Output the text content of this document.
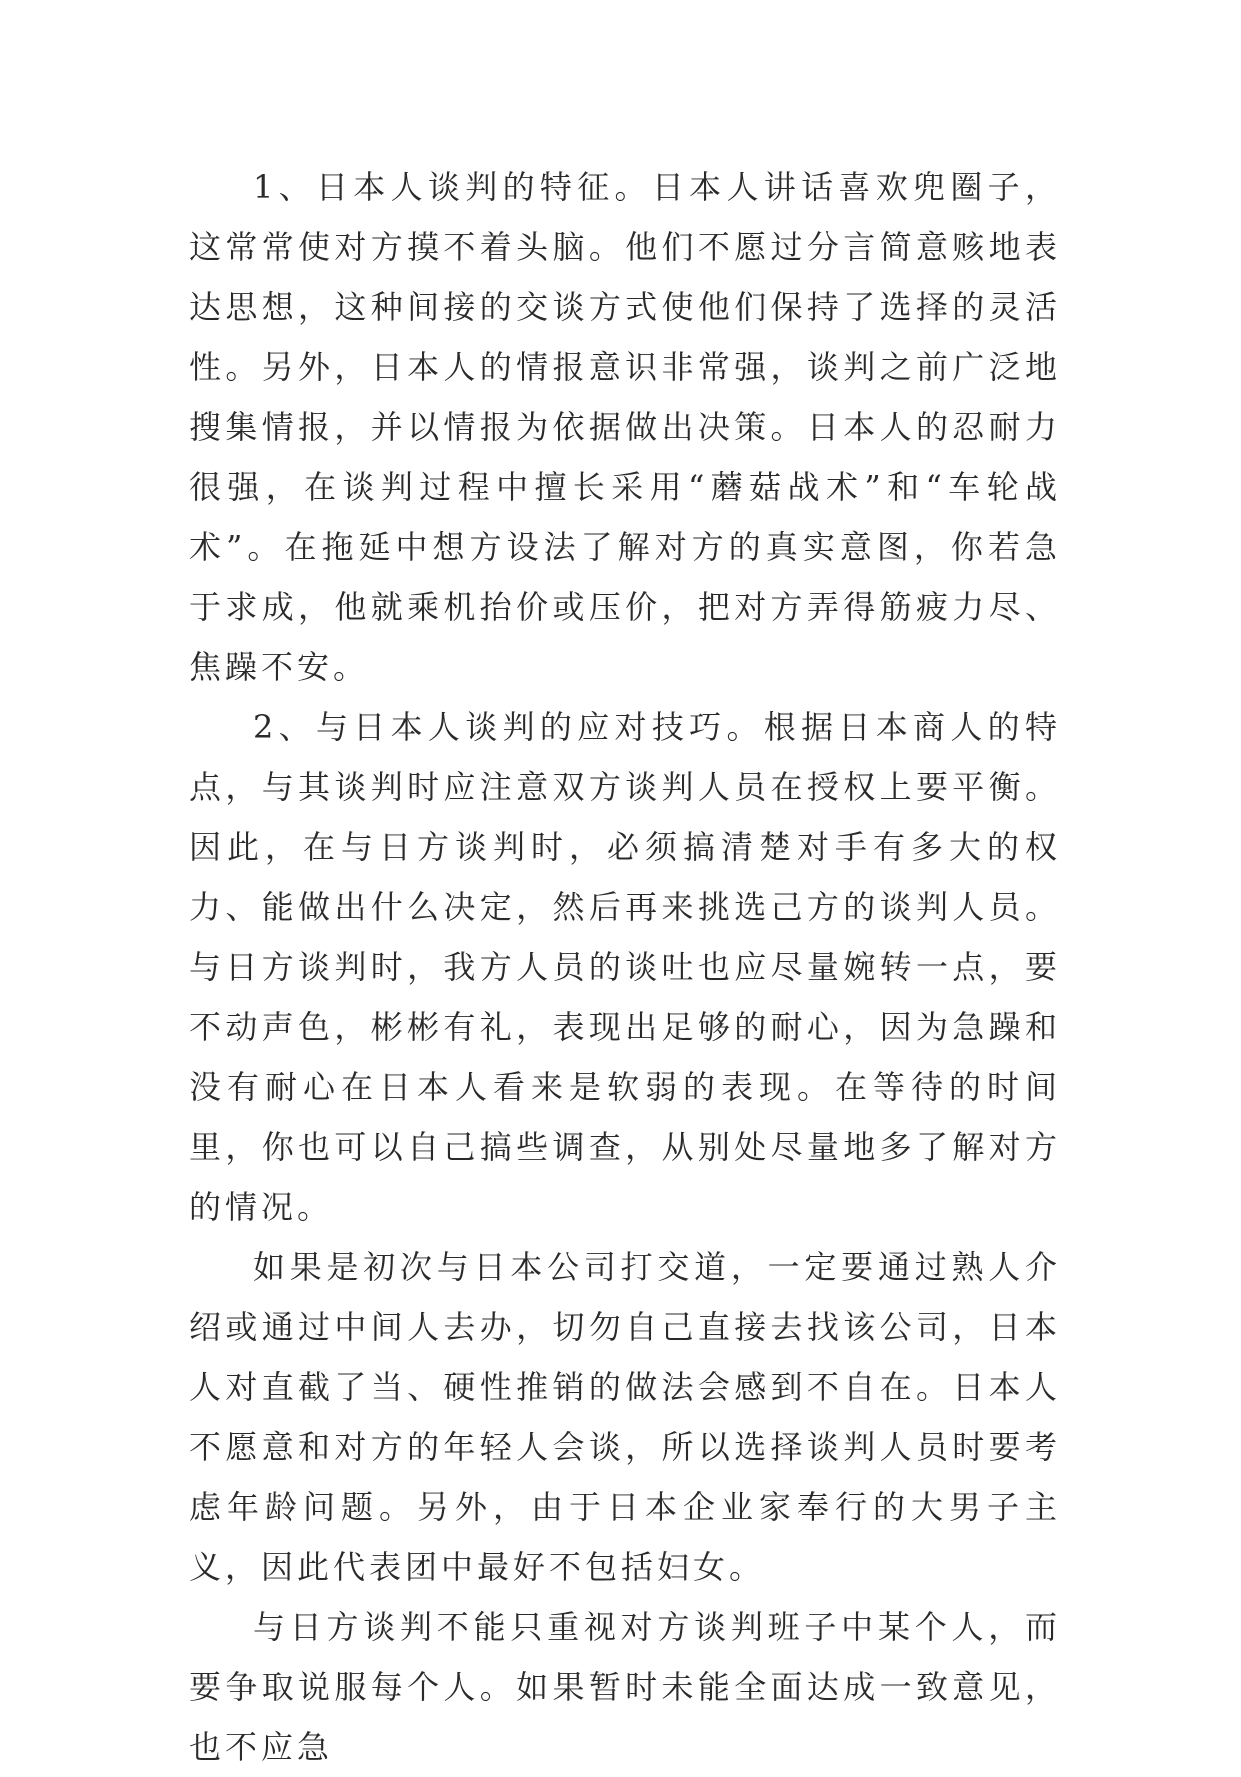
1、日本人谈判的特征。日本人讲话喜欢兜圈子，这常常使对方摸不着头脑。他们不愿过分言简意赅地表达思想，这种间接的交谈方式使他们保持了选择的灵活性。另外，日本人的情报意识非常强，谈判之前广泛地搜集情报，并以情报为依据做出决策。日本人的忍耐力很强，在谈判过程中擅长采用“蘑菇战术”和“车轮战术”。在拖延中想方设法了解对方的真实意图，你若急于求成，他就乘机抬价或压价，把对方弄得筋疲力尽、焦躁不安。

2、与日本人谈判的应对技巧。根据日本商人的特点，与其谈判时应注意双方谈判人员在授权上要平衡。因此，在与日方谈判时，必须搞清楚对手有多大的权力、能做出什么决定，然后再来挑选己方的谈判人员。与日方谈判时，我方人员的谈吐也应尽量婉转一点，要不动声色，彬彬有礼，表现出足够的耐心，因为急躁和没有耐心在日本人看来是软弱的表现。在等待的时间里，你也可以自己搞些调查，从别处尽量地多了解对方的情况。

如果是初次与日本公司打交道，一定要通过熟人介绍或通过中间人去办，切勿自己直接去找该公司，日本人对直截了当、硬性推销的做法会感到不自在。日本人不愿意和对方的年轻人会谈，所以选择谈判人员时要考虑年龄问题。另外，由于日本企业家奉行的大男子主义，因此代表团中最好不包括妇女。

与日方谈判不能只重视对方谈判班子中某个人，而要争取说服每个人。如果暂时未能全面达成一致意见，也不应急
